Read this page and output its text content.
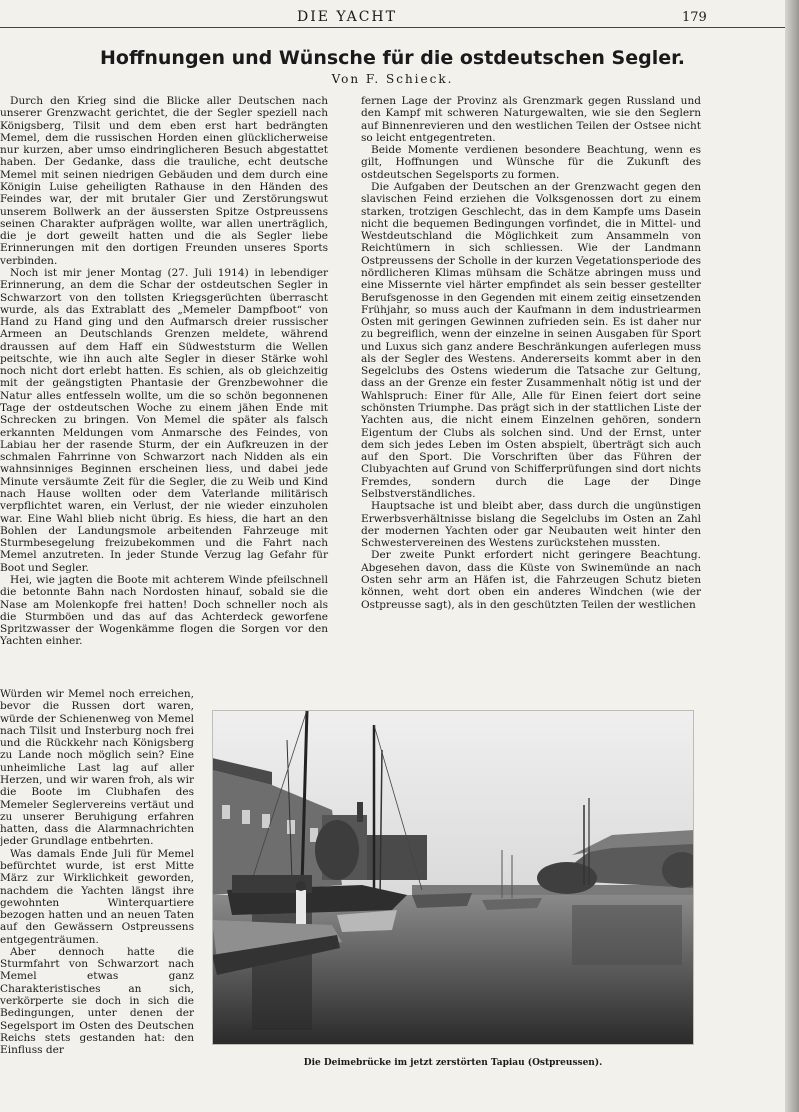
DIE YACHT	179
Hoffnungen und Wünsche für die ostdeutschen Segler.
Von F. Schieck.

Durch den Krieg sind die Blicke aller Deutschen nach unserer Grenzwacht gerichtet, die der Segler speziell nach Königsberg, Tilsit und dem eben erst hart bedrängten Memel, dem die russischen Horden einen glücklicherweise nur kurzen, aber umso eindringlicheren Besuch abgestattet haben. Der Gedanke, dass die trauliche, echt deutsche Memel mit seinen niedrigen Gebäuden und dem durch eine Königin Luise geheiligten Rathause in den Händen des Feindes war, der mit brutaler Gier und Zerstörungswut unserem Bollwerk an der äussersten Spitze Ostpreussens seinen Charakter aufprägen wollte, war allen unerträglich, die je dort geweilt hatten und die als Segler liebe Erinnerungen mit den dortigen Freunden unseres Sports verbinden.

Noch ist mir jener Montag (27. Juli 1914) in lebendiger Erinnerung, an dem die Schar der ostdeutschen Segler in Schwarzort von den tollsten Kriegsgerüchten überrascht wurde, als das Extrablatt des „Memeler Dampfboot“ von Hand zu Hand ging und den Aufmarsch dreier russischer Armeen an Deutschlands Grenzen meldete, während draussen auf dem Haff ein Südweststurm die Wellen peitschte, wie ihn auch alte Segler in dieser Stärke wohl noch nicht dort erlebt hatten. Es schien, als ob gleichzeitig mit der geängstigten Phantasie der Grenzbewohner die Natur alles entfesseln wollte, um die so schön begonnenen Tage der ostdeutschen Woche zu einem jähen Ende mit Schrecken zu bringen. Von Memel die später als falsch erkannten Meldungen vom Anmarsche des Feindes, von Labiau her der rasende Sturm, der ein Aufkreuzen in der schmalen Fahrrinne von Schwarzort nach Nidden als ein wahnsinniges Beginnen erscheinen liess, und dabei jede Minute versäumte Zeit für die Segler, die zu Weib und Kind nach Hause wollten oder dem Vaterlande militärisch verpflichtet waren, ein Verlust, der nie wieder einzuholen war. Eine Wahl blieb nicht übrig. Es hiess, die hart an den Bohlen der Landungsmole arbeitenden Fahrzeuge mit Sturmbesegelung freizubekommen und die Fahrt nach Memel anzutreten. In jeder Stunde Verzug lag Gefahr für Boot und Segler.

Hei, wie jagten die Boote mit achterem Winde pfeilschnell die betonnte Bahn nach Nordosten hinauf, sobald sie die Nase am Molenkopfe frei hatten! Doch schneller noch als die Sturmböen und das auf das Achterdeck geworfene Spritzwasser der Wogenkämme flogen die Sorgen vor den Yachten einher.

Würden wir Memel noch erreichen, bevor die Russen dort waren, würde der Schienenweg von Memel nach Tilsit und Insterburg noch frei und die Rückkehr nach Königsberg zu Lande noch möglich sein? Eine unheimliche Last lag auf aller Herzen, und wir waren froh, als wir die Boote im Clubhafen des Memeler Seglervereins vertäut und zu unserer Beruhigung erfahren hatten, dass die Alarmnachrichten jeder Grundlage entbehrten.

Was damals Ende Juli für Memel befürchtet wurde, ist erst Mitte März zur Wirklichkeit geworden, nachdem die Yachten längst ihre gewohnten Winterquartiere bezogen hatten und an neuen Taten auf den Gewässern Ostpreussens entgegenträumen.

Aber dennoch hatte die Sturmfahrt von Schwarzort nach Memel etwas ganz Charakteristisches an sich, verkörperte sie doch in sich die Bedingungen, unter denen der Segelsport im Osten des Deutschen Reichs stets gestanden hat: den Einfluss der

fernen Lage der Provinz als Grenzmark gegen Russland und den Kampf mit schweren Naturgewalten, wie sie den Seglern auf Binnenrevieren und den westlichen Teilen der Ostsee nicht so leicht entgegentreten.

Beide Momente verdienen besondere Beachtung, wenn es gilt, Hoffnungen und Wünsche für die Zukunft des ostdeutschen Segelsports zu formen.

Die Aufgaben der Deutschen an der Grenzwacht gegen den slavischen Feind erziehen die Volksgenossen dort zu einem starken, trotzigen Geschlecht, das in dem Kampfe ums Dasein nicht die bequemen Bedingungen vorfindet, die in Mittel- und Westdeutschland die Möglichkeit zum Ansammeln von Reichtümern in sich schliessen. Wie der Landmann Ostpreussens der Scholle in der kurzen Vegetationsperiode des nördlicheren Klimas mühsam die Schätze abringen muss und eine Missernte viel härter empfindet als sein besser gestellter Berufsgenosse in den Gegenden mit einem zeitig einsetzenden Frühjahr, so muss auch der Kaufmann in dem industriearmen Osten mit geringen Gewinnen zufrieden sein. Es ist daher nur zu begreiflich, wenn der einzelne in seinen Ausgaben für Sport und Luxus sich ganz andere Beschränkungen auferlegen muss als der Segler des Westens. Andererseits kommt aber in den Segelclubs des Ostens wiederum die Tatsache zur Geltung, dass an der Grenze ein fester Zusammenhalt nötig ist und der Wahlspruch: Einer für Alle, Alle für Einen feiert dort seine schönsten Triumphe. Das prägt sich in der stattlichen Liste der Yachten aus, die nicht einem Einzelnen gehören, sondern Eigentum der Clubs als solchen sind. Und der Ernst, unter dem sich jedes Leben im Osten abspielt, überträgt sich auch auf den Sport. Die Vorschriften über das Führen der Clubyachten auf Grund von Schifferprüfungen sind dort nichts Fremdes, sondern durch die Lage der Dinge Selbstverständliches.

Hauptsache ist und bleibt aber, dass durch die ungünstigen Erwerbsverhältnisse bislang die Segelclubs im Osten an Zahl der modernen Yachten oder gar Neubauten weit hinter den Schwestervereinen des Westens zurückstehen mussten.

Der zweite Punkt erfordert nicht geringere Beachtung. Abgesehen davon, dass die Küste von Swinemünde an nach Osten sehr arm an Häfen ist, die Fahrzeugen Schutz bieten können, weht dort oben ein anderes Windchen (wie der Ostpreusse sagt), als in den geschützten Teilen der westlichen

Die Deimebrücke im jetzt zerstörten Tapiau (Ostpreussen).
